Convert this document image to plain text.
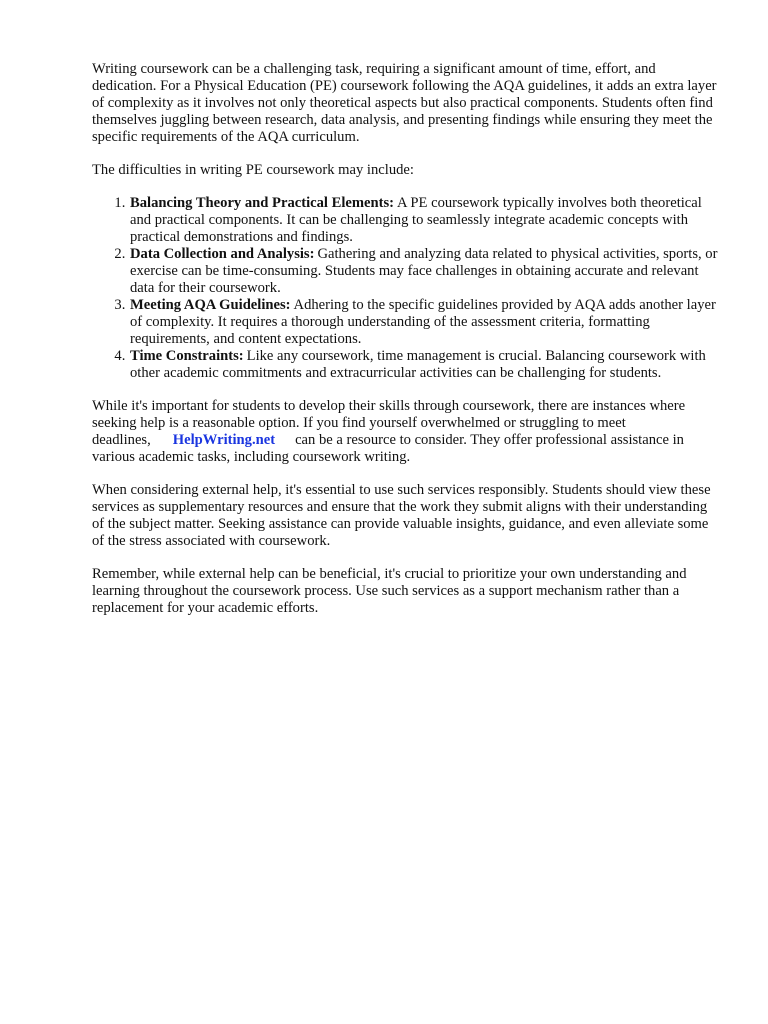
Writing coursework can be a challenging task, requiring a significant amount of time, effort, and dedication. For a Physical Education (PE) coursework following the AQA guidelines, it adds an extra layer of complexity as it involves not only theoretical aspects but also practical components. Students often find themselves juggling between research, data analysis, and presenting findings while ensuring they meet the specific requirements of the AQA curriculum.

The difficulties in writing PE coursework may include:

1. Balancing Theory and Practical Elements: A PE coursework typically involves both theoretical and practical components. It can be challenging to seamlessly integrate academic concepts with practical demonstrations and findings.
2. Data Collection and Analysis: Gathering and analyzing data related to physical activities, sports, or exercise can be time-consuming. Students may face challenges in obtaining accurate and relevant data for their coursework.
3. Meeting AQA Guidelines: Adhering to the specific guidelines provided by AQA adds another layer of complexity. It requires a thorough understanding of the assessment criteria, formatting requirements, and content expectations.
4. Time Constraints: Like any coursework, time management is crucial. Balancing coursework with other academic commitments and extracurricular activities can be challenging for students.

While it's important for students to develop their skills through coursework, there are instances where seeking help is a reasonable option. If you find yourself overwhelmed or struggling to meet deadlines, HelpWriting.net can be a resource to consider. They offer professional assistance in various academic tasks, including coursework writing.

When considering external help, it's essential to use such services responsibly. Students should view these services as supplementary resources and ensure that the work they submit aligns with their understanding of the subject matter. Seeking assistance can provide valuable insights, guidance, and even alleviate some of the stress associated with coursework.

Remember, while external help can be beneficial, it's crucial to prioritize your own understanding and learning throughout the coursework process. Use such services as a support mechanism rather than a replacement for your academic efforts.
